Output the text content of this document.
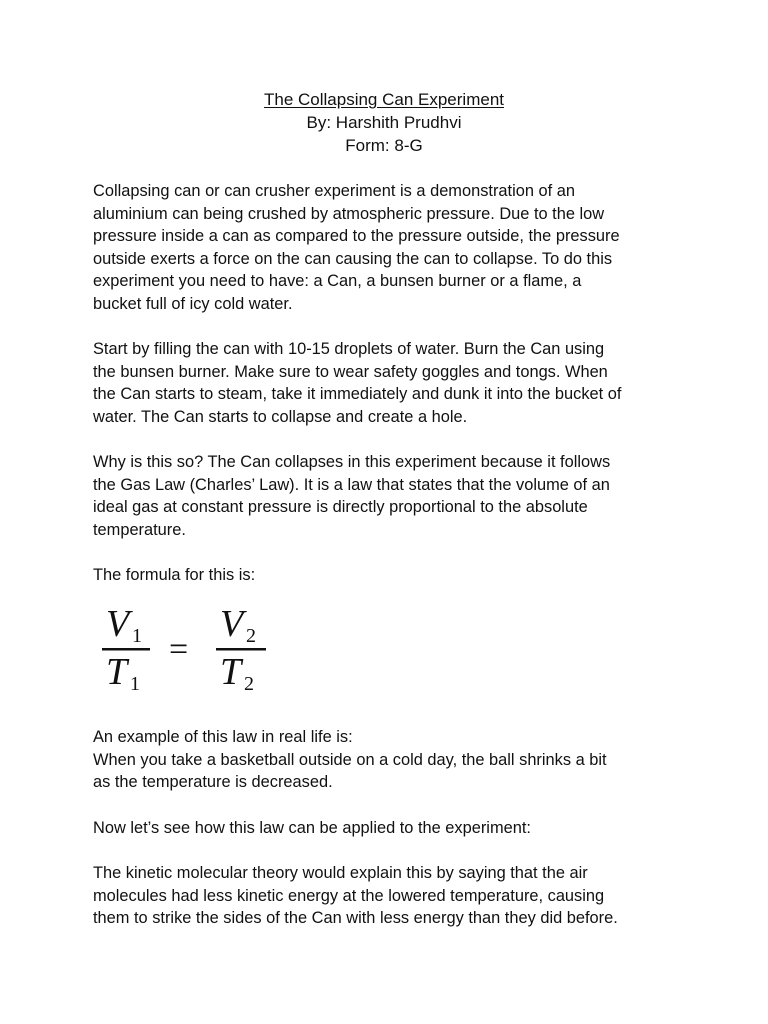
The Collapsing Can Experiment
By: Harshith Prudhvi
Form: 8-G
Collapsing can or can crusher experiment is a demonstration of an
aluminium can being crushed by atmospheric pressure. Due to the low
pressure inside a can as compared to the pressure outside, the pressure
outside exerts a force on the can causing the can to collapse. To do this
experiment you need to have: a Can, a bunsen burner or a flame, a
bucket full of icy cold water.
Start by filling the can with 10-15 droplets of water. Burn the Can using
the bunsen burner. Make sure to wear safety goggles and tongs. When
the Can starts to steam, take it immediately and dunk it into the bucket of
water. The Can starts to collapse and create a hole.
Why is this so? The Can collapses in this experiment because it follows
the Gas Law (Charles’ Law). It is a law that states that the volume of an
ideal gas at constant pressure is directly proportional to the absolute
temperature.
The formula for this is:
V 1
T 1
=
V 2
T 2
An example of this law in real life is:
When you take a basketball outside on a cold day, the ball shrinks a bit
as the temperature is decreased.
Now let’s see how this law can be applied to the experiment:
The kinetic molecular theory would explain this by saying that the air
molecules had less kinetic energy at the lowered temperature, causing
them to strike the sides of the Can with less energy than they did before.
